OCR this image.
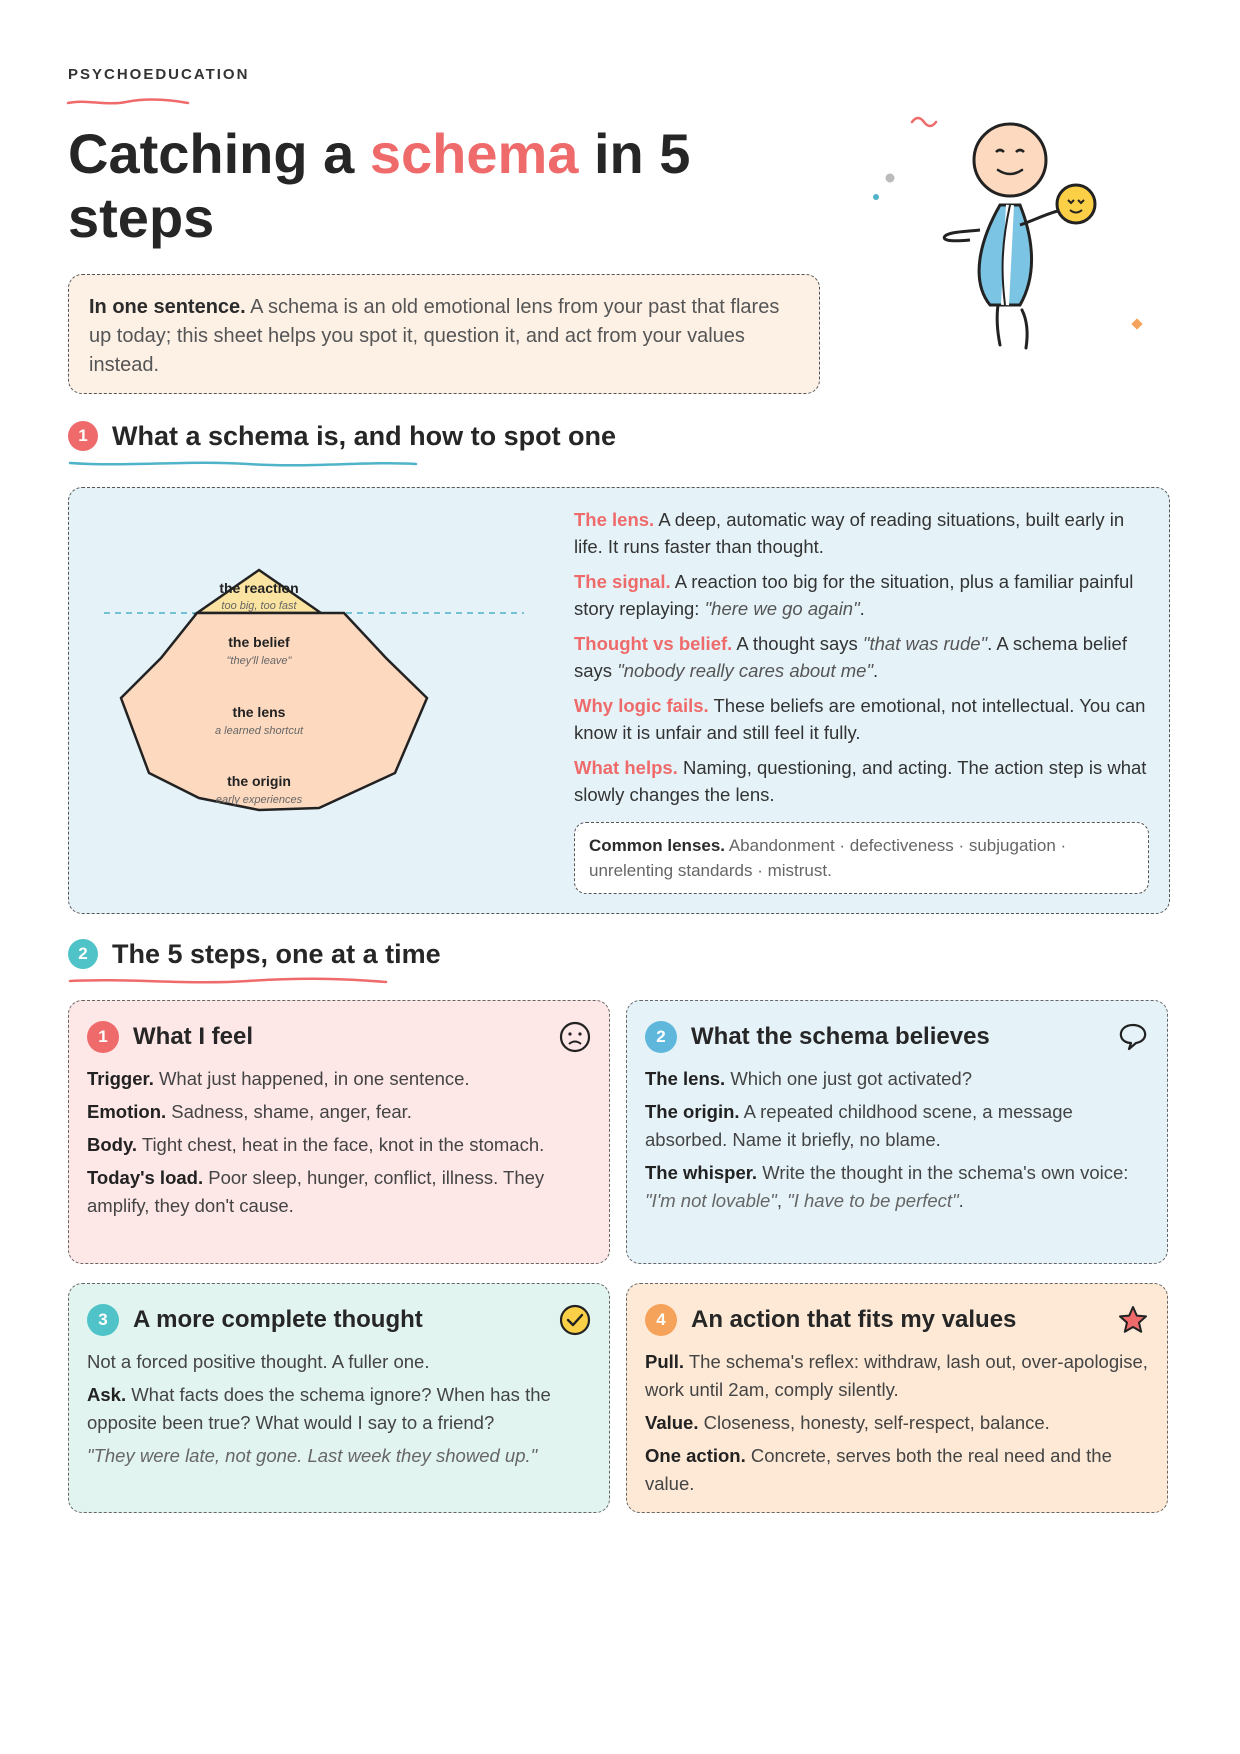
PSYCHOEDUCATION
Catching a schema in 5 steps
In one sentence. A schema is an old emotional lens from your past that flares up today; this sheet helps you spot it, question it, and act from your values instead.
1 What a schema is, and how to spot one
the reaction
too big, too fast
the belief
"they'll leave"
the lens
a learned shortcut
the origin
early experiences

The lens. A deep, automatic way of reading situations, built early in life. It runs faster than thought.

The signal. A reaction too big for the situation, plus a familiar painful story replaying: "here we go again".

Thought vs belief. A thought says "that was rude". A schema belief says "nobody really cares about me".

Why logic fails. These beliefs are emotional, not intellectual. You can know it is unfair and still feel it fully.

What helps. Naming, questioning, and acting. The action step is what slowly changes the lens.

Common lenses. Abandonment · defectiveness · subjugation · unrelenting standards · mistrust.
2 The 5 steps, one at a time
1	What I feel

Trigger. What just happened, in one sentence.

Emotion. Sadness, shame, anger, fear.

Body. Tight chest, heat in the face, knot in the stomach.

Today's load. Poor sleep, hunger, conflict, illness. They amplify, they don't cause.

2	What the schema believes

The lens. Which one just got activated?

The origin. A repeated childhood scene, a message absorbed. Name it briefly, no blame.

The whisper. Write the thought in the schema's own voice: "I'm not lovable", "I have to be perfect".

3	A more complete thought

Not a forced positive thought. A fuller one.

Ask. What facts does the schema ignore? When has the opposite been true? What would I say to a friend?

"They were late, not gone. Last week they showed up."

4	An action that fits my values

Pull. The schema's reflex: withdraw, lash out, over-apologise, work until 2am, comply silently.

Value. Closeness, honesty, self-respect, balance.

One action. Concrete, serves both the real need and the value.
